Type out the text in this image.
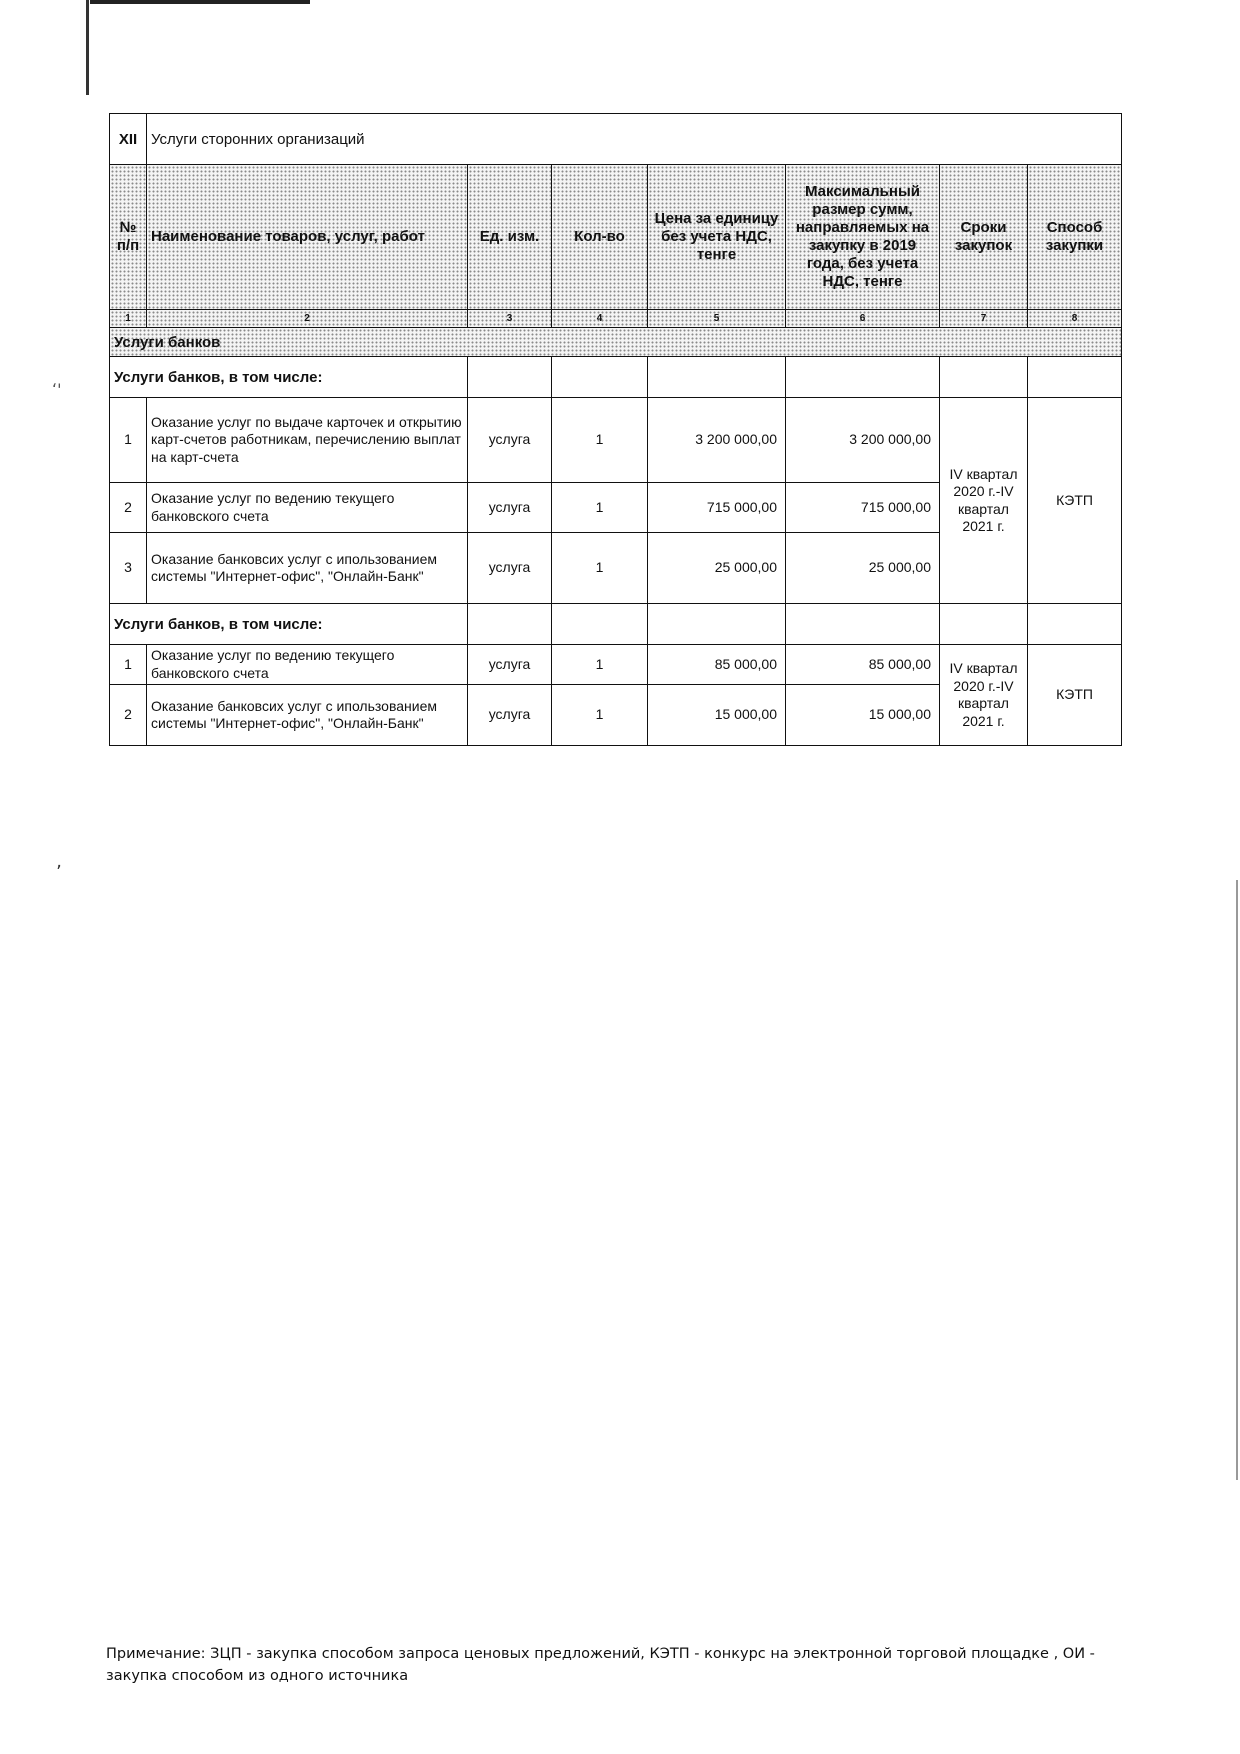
ʻ'
ʼ
XII	Услуги сторонних организаций						
№ п/п	Наименование товаров, услуг, работ	Ед. изм.	Кол-во	Цена за единицу без учета НДС, тенге	Максимальный размер сумм, направляемых на закупку в 2019 года, без учета НДС, тенге	Сроки закупок	Способ закупки
1	2	3	4	5	6	7	8
Услуги банков							
Услуги банков, в том числе:							
1	Оказание услуг по выдаче карточек и открытию карт-счетов работникам, перечислению выплат на карт-счета	услуга	1	3 200 000,00	3 200 000,00	IV квартал 2020 г.-IV квартал 2021 г.	КЭТП
2	Оказание услуг по ведению текущего банковского счета	услуга	1	715 000,00	715 000,00		
3	Оказание банковсих услуг с ипользованием системы "Интернет-офис", "Онлайн-Банк"	услуга	1	25 000,00	25 000,00		
Услуги банков, в том числе:							
1	Оказание услуг по ведению текущего банковского счета	услуга	1	85 000,00	85 000,00	IV квартал 2020 г.-IV квартал 2021 г.	КЭТП
2	Оказание банковсих услуг с ипользованием системы "Интернет-офис", "Онлайн-Банк"	услуга	1	15 000,00	15 000,00		
Примечание: ЗЦП - закупка способом запроса ценовых предложений, КЭТП - конкурс на электронной торговой площадке , ОИ - закупка способом из одного источника
